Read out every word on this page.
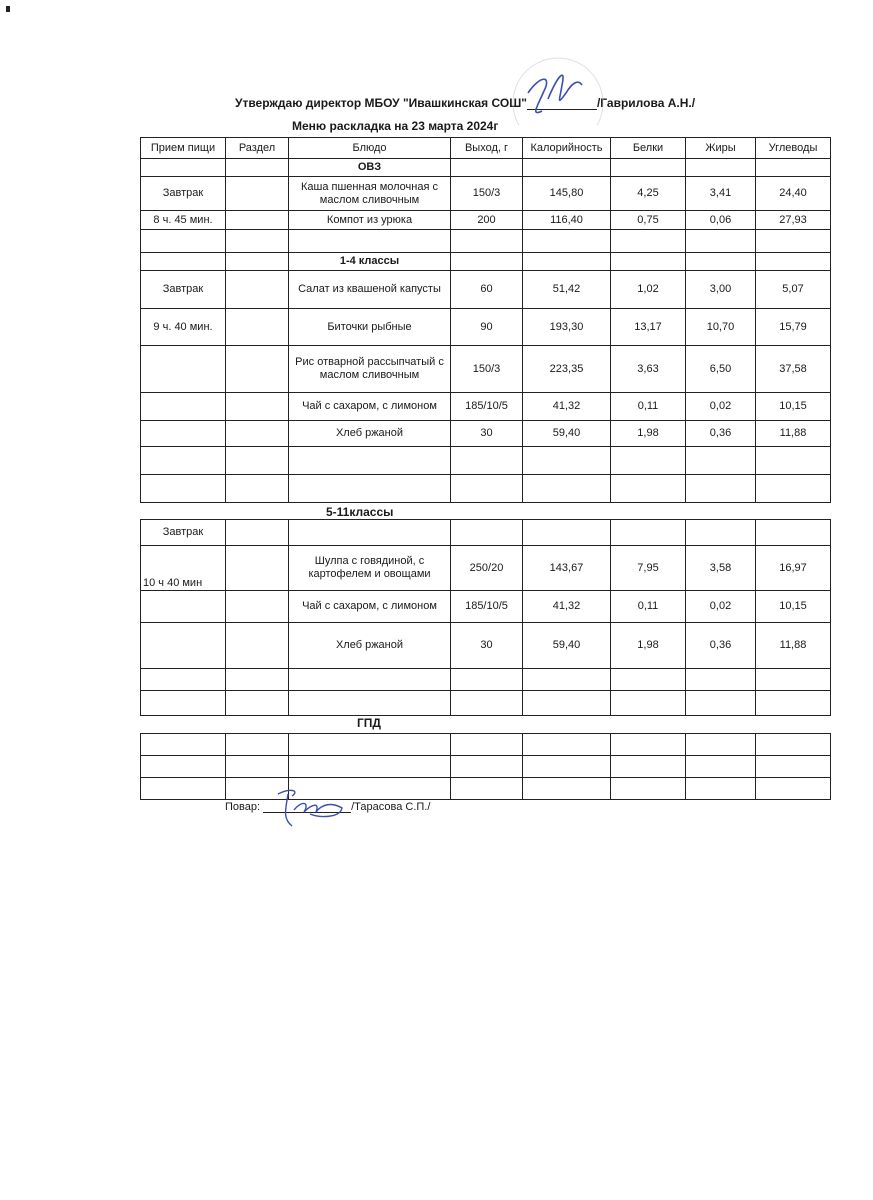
Утверждаю директор МБОУ "Ивашкинская СОШ"	/Гаврилова А.Н./
Меню раскладка на 23 марта 2024г
Прием пищи	Раздел	Блюдо	Выход, г	Калорийность	Белки	Жиры	Углеводы
		ОВЗ					
Завтрак		Каша пшенная молочная с маслом сливочным	150/3	145,80	4,25	3,41	24,40
8 ч. 45 мин.		Компот из урюка	200	116,40	0,75	0,06	27,93

		1-4 классы					
Завтрак		Салат из квашеной капусты	60	51,42	1,02	3,00	5,07
9 ч. 40 мин.		Биточки рыбные	90	193,30	13,17	10,70	15,79
		Рис отварной рассыпчатый с маслом сливочным	150/3	223,35	3,63	6,50	37,58
		Чай с сахаром, с лимоном	185/10/5	41,32	0,11	0,02	10,15
		Хлеб ржаной	30	59,40	1,98	0,36	11,88

5-11классы
Завтрак							
10 ч 40 мин		Шулпа с говядиной, с картофелем и овощами	250/20	143,67	7,95	3,58	16,97
		Чай с сахаром, с лимоном	185/10/5	41,32	0,11	0,02	10,15
		Хлеб ржаной	30	59,40	1,98	0,36	11,88

ГПД

Повар:	/Тарасова С.П./
